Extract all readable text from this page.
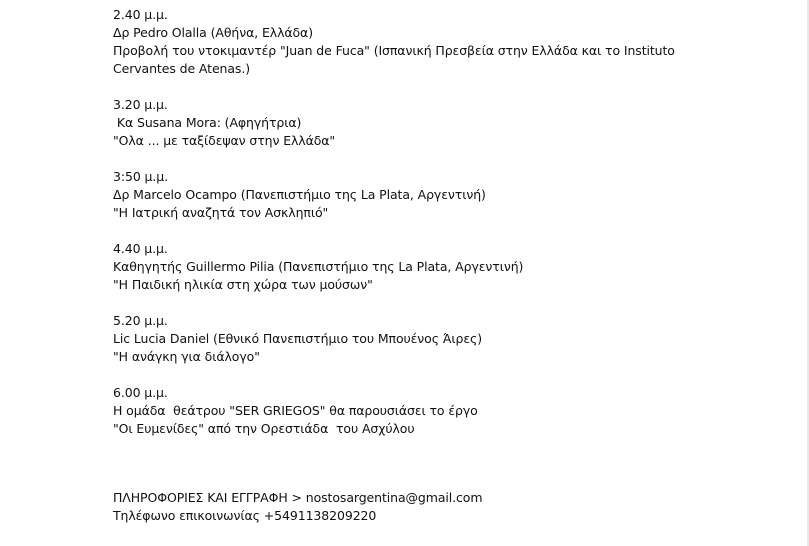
2.40 μ.μ.
Δρ Pedro Olalla (Αθήνα, Ελλάδα)
Προβολή του ντοκιμαντέρ "Juan de Fuca" (Ισπανική Πρεσβεία στην Ελλάδα και το Instituto
Cervantes de Atenas.)
3.20 μ.μ.
Κα Susana Mora: (Αφηγήτρια)
"Ολα ... με ταξίδεψαν στην Ελλάδα"
3:50 μ.μ.
Δρ Marcelo Ocampo (Πανεπιστήμιο της La Plata, Αργεντινή)
"Η Ιατρική αναζητά τον Ασκληπιό"
4.40 μ.μ.
Καθηγητής Guillermo Pilia (Πανεπιστήμιο της La Plata, Αργεντινή)
"Η Παιδική ηλικία στη χώρα των μούσων"
5.20 μ.μ.
Lic Lucia Daniel (Εθνικό Πανεπιστήμιο του Μπουένος Άιρες)
"Η ανάγκη για διάλογο"
6.00 μ.μ.
Η ομάδα  θεάτρου "SER GRIEGOS" θα παρουσιάσει το έργο
"Οι Ευμενίδες" από την Ορεστιάδα  του Ασχύλου
ΠΛΗΡΟΦΟΡΙΕΣ ΚΑΙ ΕΓΓΡΑΦΗ > nostosargentina@gmail.com
Τηλέφωνο επικοινωνίας +5491138209220
